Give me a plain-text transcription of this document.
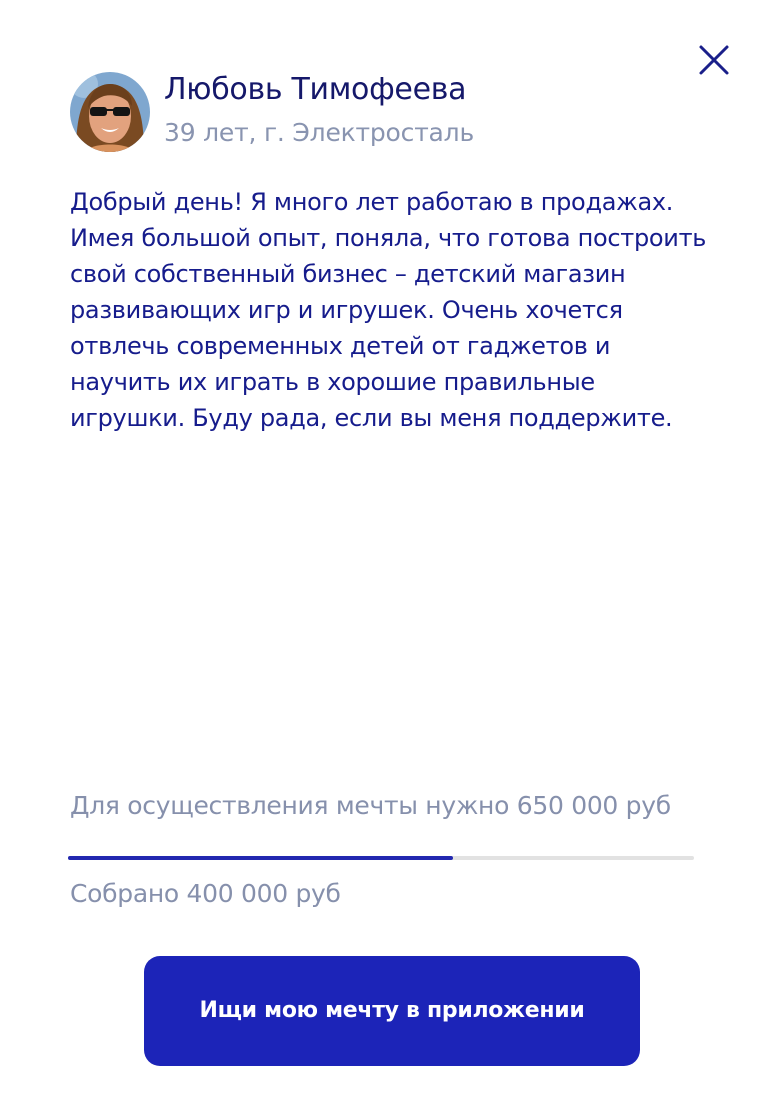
Любовь Тимофеева
39 лет, г. Электросталь

Добрый день! Я много лет работаю в продажах. Имея большой опыт, поняла, что готова построить свой собственный бизнес – детский магазин развивающих игр и игрушек. Очень хочется отвлечь современных детей от гаджетов и научить их играть в хорошие правильные игрушки. Буду рада, если вы меня поддержите.

Для осуществления мечты нужно 650 000 руб
Собрано 400 000 руб
Ищи мою мечту в приложении
